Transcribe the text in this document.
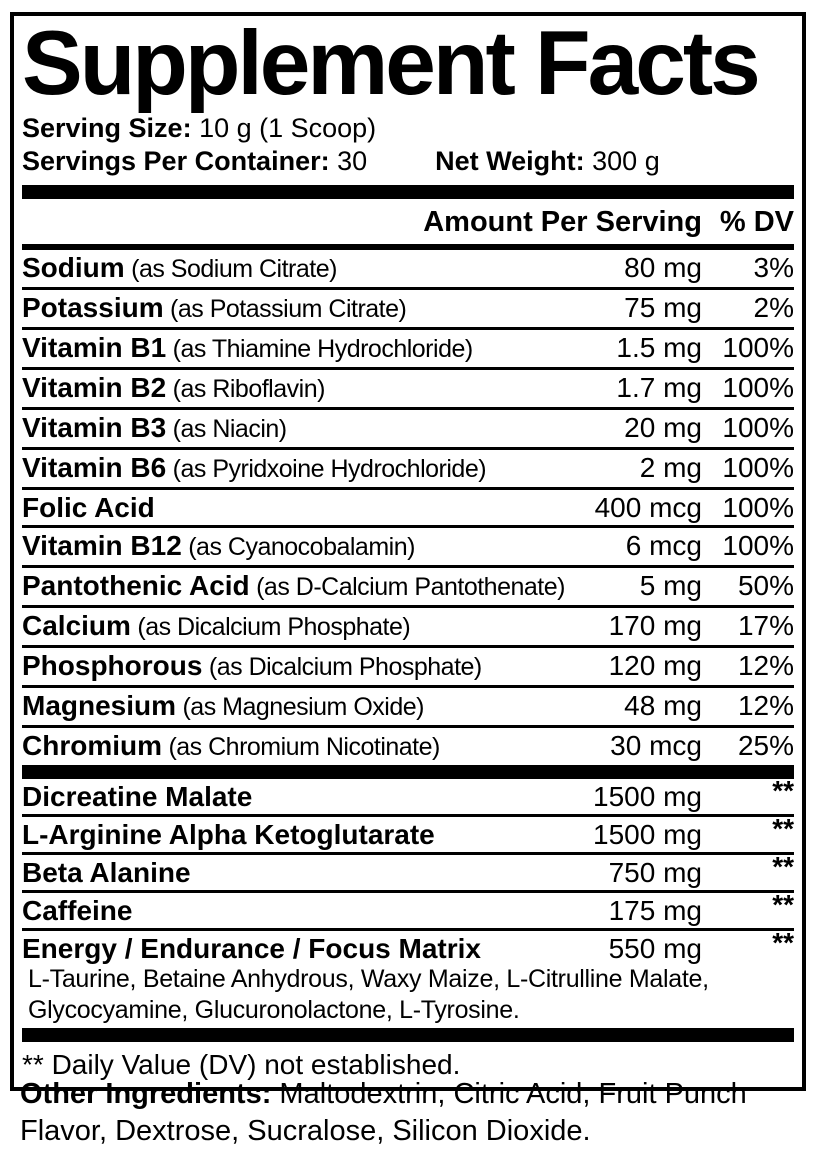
Supplement Facts
Serving Size: 10 g (1 Scoop)
Servings Per Container: 30	Net Weight: 300 g
Amount Per Serving % DV
Sodium (as Sodium Citrate)	80 mg	3%
Potassium (as Potassium Citrate)	75 mg	2%
Vitamin B1 (as Thiamine Hydrochloride)	1.5 mg 100%
Vitamin B2 (as Riboflavin)	1.7 mg 100%
Vitamin B3 (as Niacin)	20 mg 100%
Vitamin B6 (as Pyridxoine Hydrochloride)	2 mg 100%
Folic Acid	400 mcg 100%
Vitamin B12 (as Cyanocobalamin)	6 mcg 100%
Pantothenic Acid (as D-Calcium Pantothenate)	5 mg	50%
Calcium (as Dicalcium Phosphate)	170 mg	17%
Phosphorous (as Dicalcium Phosphate)	120 mg	12%
Magnesium (as Magnesium Oxide)	48 mg	12%
Chromium (as Chromium Nicotinate)	30 mcg	25%
Dicreatine Malate	1500 mg	**
L-Arginine Alpha Ketoglutarate	1500 mg	**
Beta Alanine	750 mg	**
Caffeine	175 mg	**
Energy / Endurance / Focus Matrix	550 mg	**
L-Taurine, Betaine Anhydrous, Waxy Maize, L-Citrulline Malate,
Glycocyamine, Glucuronolactone, L-Tyrosine.
** Daily Value (DV) not established.
Other Ingredients: Maltodextrin, Citric Acid, Fruit Punch Flavor, Dextrose, Sucralose, Silicon Dioxide.
